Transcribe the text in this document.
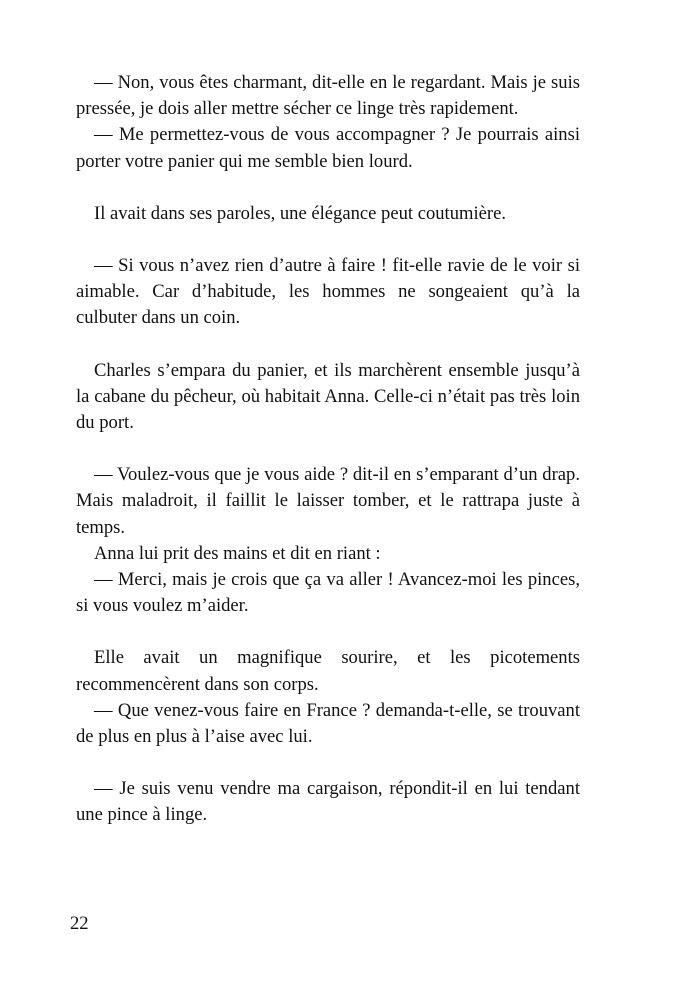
— Non, vous êtes charmant, dit-elle en le regardant. Mais je suis pressée, je dois aller mettre sécher ce linge très rapidement.

— Me permettez-vous de vous accompagner ? Je pourrais ainsi porter votre panier qui me semble bien lourd.

Il avait dans ses paroles, une élégance peut coutumière.

— Si vous n’avez rien d’autre à faire ! fit-elle ravie de le voir si aimable. Car d’habitude, les hommes ne songeaient qu’à la culbuter dans un coin.

Charles s’empara du panier, et ils marchèrent ensemble jusqu’à la cabane du pêcheur, où habitait Anna. Celle-ci n’était pas très loin du port.

— Voulez-vous que je vous aide ? dit-il en s’emparant d’un drap. Mais maladroit, il faillit le laisser tomber, et le rattrapa juste à temps.

Anna lui prit des mains et dit en riant :

— Merci, mais je crois que ça va aller ! Avancez-moi les pinces, si vous voulez m’aider.

Elle avait un magnifique sourire, et les picotements recommencèrent dans son corps.

— Que venez-vous faire en France ? demanda-t-elle, se trouvant de plus en plus à l’aise avec lui.

— Je suis venu vendre ma cargaison, répondit-il en lui tendant une pince à linge.

22
